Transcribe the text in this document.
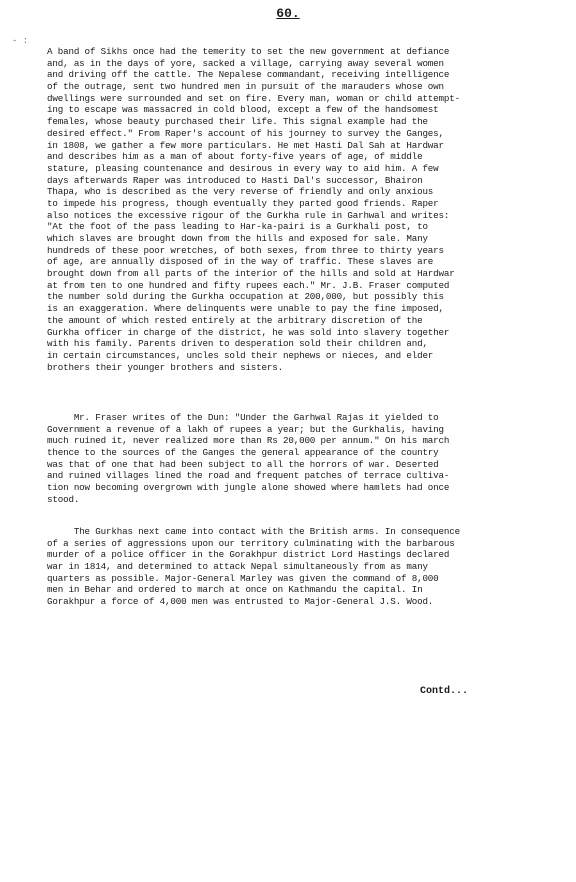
60.
- :
A band of Sikhs once had the temerity to set the new government at defiance
and, as in the days of yore, sacked a village, carrying away several women
and driving off the cattle. The Nepalese commandant, receiving intelligence
of the outrage, sent two hundred men in pursuit of the marauders whose own
dwellings were surrounded and set on fire. Every man, woman or child attempt-
ing to escape was massacred in cold blood, except a few of the handsomest
females, whose beauty purchased their life. This signal example had the
desired effect." From Raper's account of his journey to survey the Ganges,
in 1808, we gather a few more particulars. He met Hasti Dal Sah at Hardwar
and describes him as a man of about forty-five years of age, of middle
stature, pleasing countenance and desirous in every way to aid him. A few
days afterwards Raper was introduced to Hasti Dal's successor, Bhairon
Thapa, who is described as the very reverse of friendly and only anxious
to impede his progress, though eventually they parted good friends. Raper
also notices the excessive rigour of the Gurkha rule in Garhwal and writes:
"At the foot of the pass leading to Har-ka-pairi is a Gurkhali post, to
which slaves are brought down from the hills and exposed for sale. Many
hundreds of these poor wretches, of both sexes, from three to thirty years
of age, are annually disposed of in the way of traffic. These slaves are
brought down from all parts of the interior of the hills and sold at Hardwar
at from ten to one hundred and fifty rupees each." Mr. J.B. Fraser computed
the number sold during the Gurkha occupation at 200,000, but possibly this
is an exaggeration. Where delinquents were unable to pay the fine imposed,
the amount of which rested entirely at the arbitrary discretion of the
Gurkha officer in charge of the district, he was sold into slavery together
with his family. Parents driven to desperation sold their children and,
in certain circumstances, uncles sold their nephews or nieces, and elder
brothers their younger brothers and sisters.
Mr. Fraser writes of the Dun: "Under the Garhwal Rajas it yielded to
Government a revenue of a lakh of rupees a year; but the Gurkhalis, having
much ruined it, never realized more than Rs 20,000 per annum." On his march
thence to the sources of the Ganges the general appearance of the country
was that of one that had been subject to all the horrors of war. Deserted
and ruined villages lined the road and frequent patches of terrace cultiva-
tion now becoming overgrown with jungle alone showed where hamlets had once
stood.
The Gurkhas next came into contact with the British arms. In consequence
of a series of aggressions upon our territory culminating with the barbarous
murder of a police officer in the Gorakhpur district Lord Hastings declared
war in 1814, and determined to attack Nepal simultaneously from as many
quarters as possible. Major-General Marley was given the command of 8,000
men in Behar and ordered to march at once on Kathmandu the capital. In
Gorakhpur a force of 4,000 men was entrusted to Major-General J.S. Wood.
Contd...
